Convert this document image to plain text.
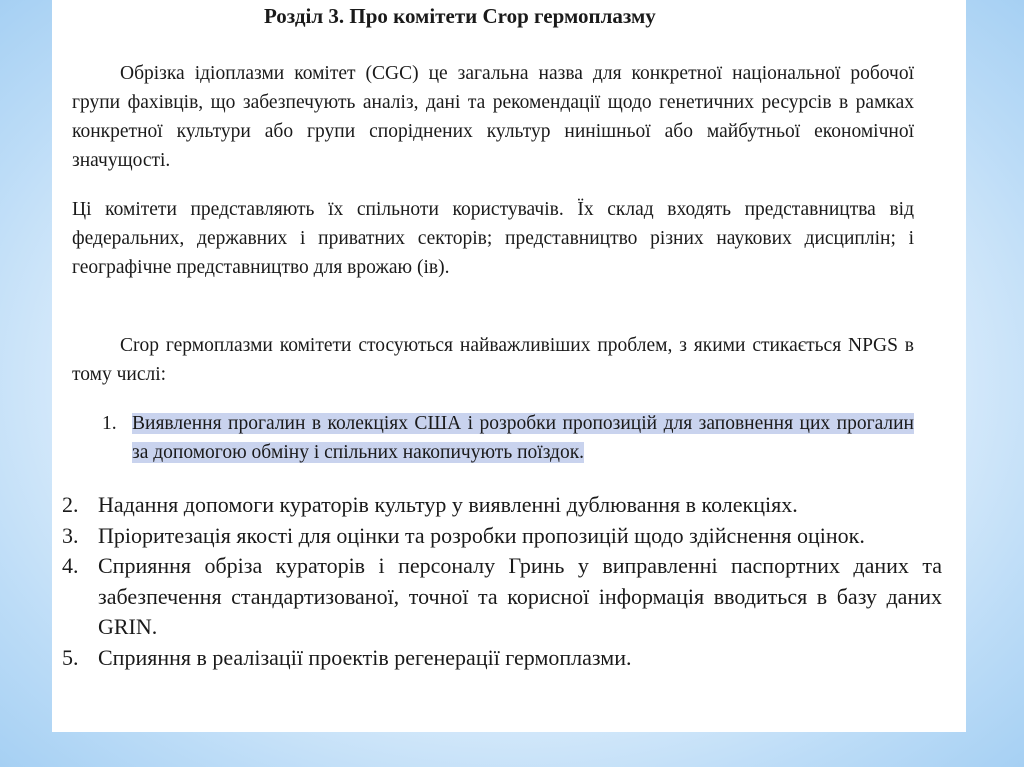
Розділ 3. Про комітети Crop гермоплазму

Обрізка ідіоплазми комітет (CGC) це загальна назва для конкретної національної робочої групи фахівців, що забезпечують аналіз, дані та рекомендації щодо генетичних ресурсів в рамках конкретної культури або групи споріднених культур нинішньої або майбутньої економічної значущості.

Ці комітети представляють їх спільноти користувачів. Їх склад входять представництва від федеральних, державних і приватних секторів; представництво різних наукових дисциплін; і географічне представництво для врожаю (ів).

Crop гермоплазми комітети стосуються найважливіших проблем, з якими стикається NPGS в тому числі:

1. Виявлення прогалин в колекціях США і розробки пропозицій для заповнення цих прогалин за допомогою обміну і спільних накопичують поїздок.
2. Надання допомоги кураторів культур у виявленні дублювання в колекціях.
3. Пріоритезація якості для оцінки та розробки пропозицій щодо здійснення оцінок.
4. Сприяння обріза кураторів і персоналу Гринь у виправленні паспортних даних та забезпечення стандартизованої, точної та корисної інформація вводиться в базу даних GRIN.
5. Сприяння в реалізації проектів регенерації гермоплазми.
